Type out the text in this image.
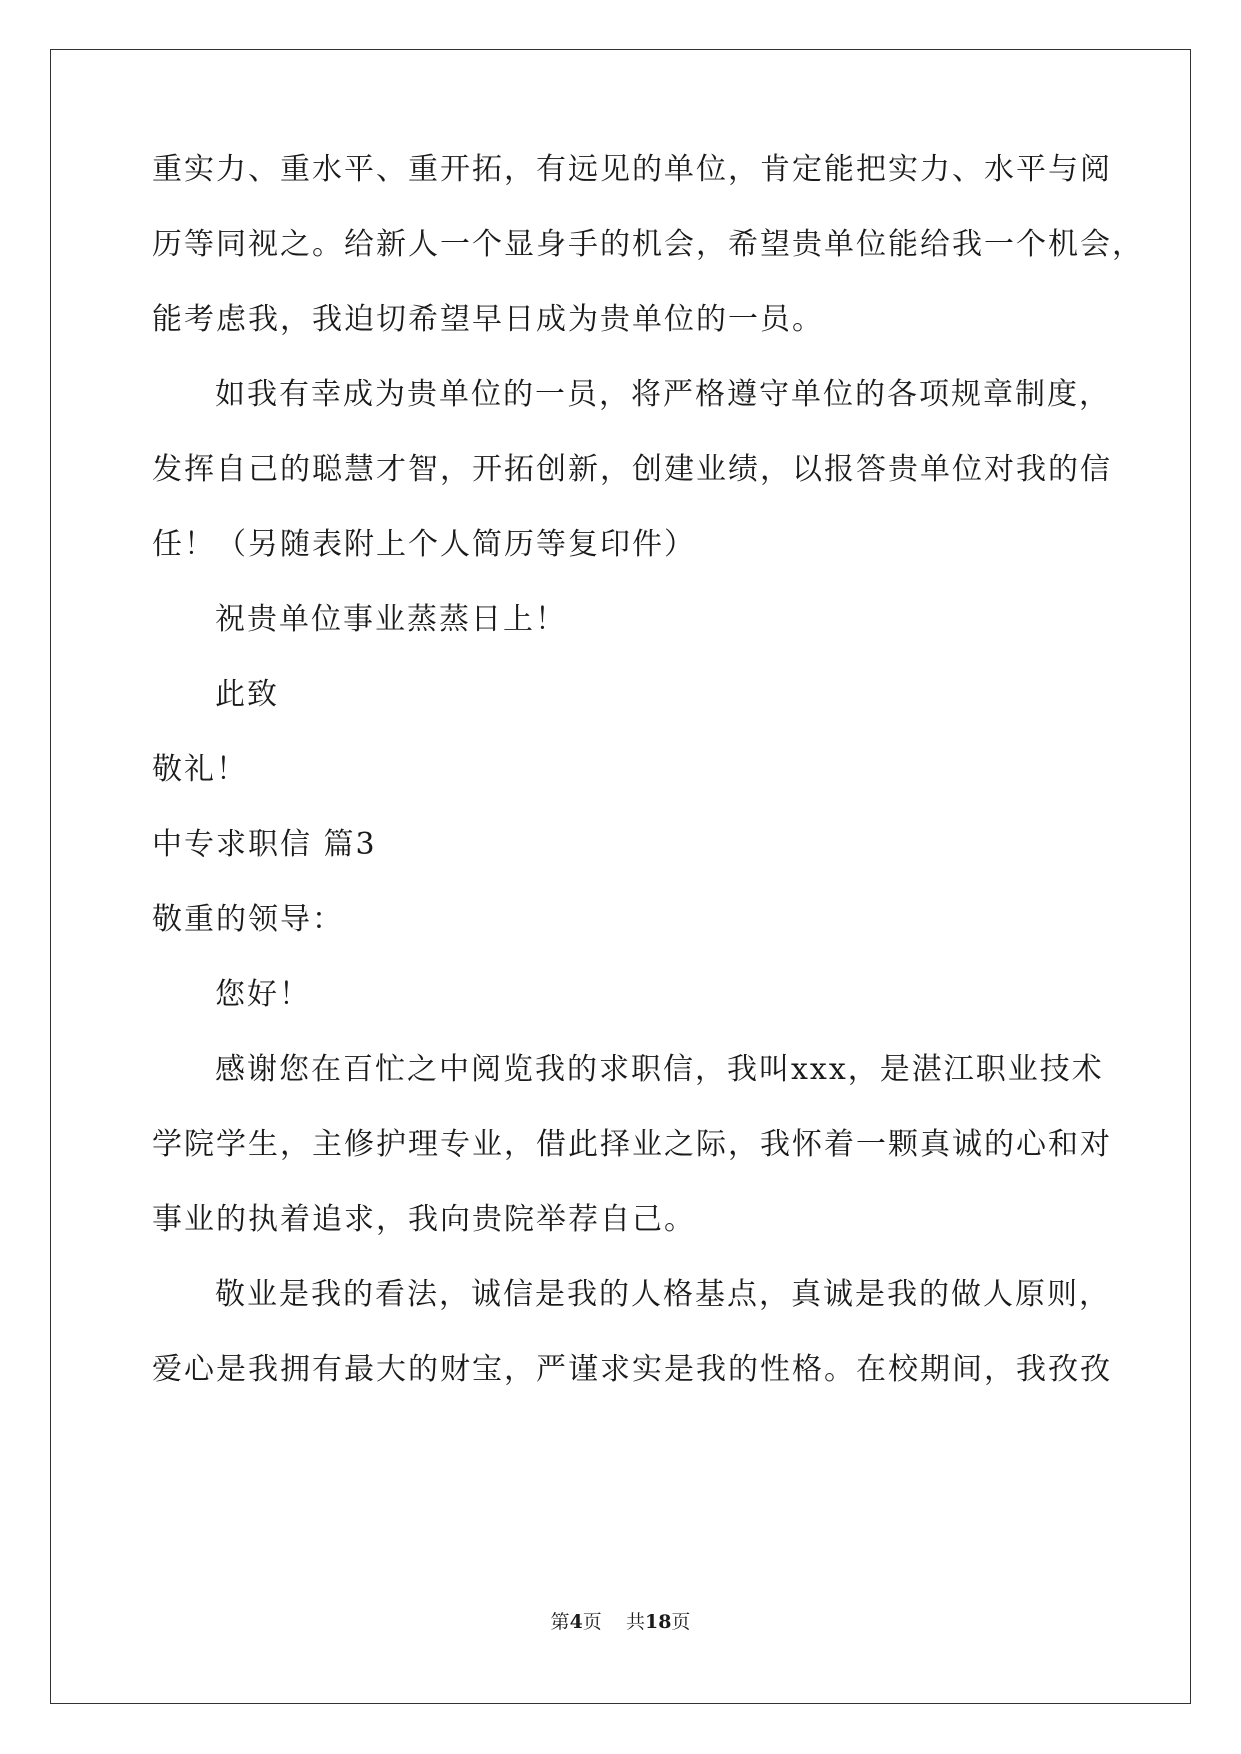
重实力、重水平、重开拓，有远见的单位，肯定能把实力、水平与阅
历等同视之。给新人一个显身手的机会，希望贵单位能给我一个机会，
能考虑我，我迫切希望早日成为贵单位的一员。
如我有幸成为贵单位的一员，将严格遵守单位的各项规章制度，
发挥自己的聪慧才智，开拓创新，创建业绩，以报答贵单位对我的信
任！（另随表附上个人简历等复印件）
祝贵单位事业蒸蒸日上！
此致
敬礼！
中专求职信 篇3
敬重的领导：
您好！
感谢您在百忙之中阅览我的求职信，我叫xxx，是湛江职业技术
学院学生，主修护理专业，借此择业之际，我怀着一颗真诚的心和对
事业的执着追求，我向贵院举荐自己。
敬业是我的看法，诚信是我的人格基点，真诚是我的做人原则，
爱心是我拥有最大的财宝，严谨求实是我的性格。在校期间，我孜孜
第4页    共18页
